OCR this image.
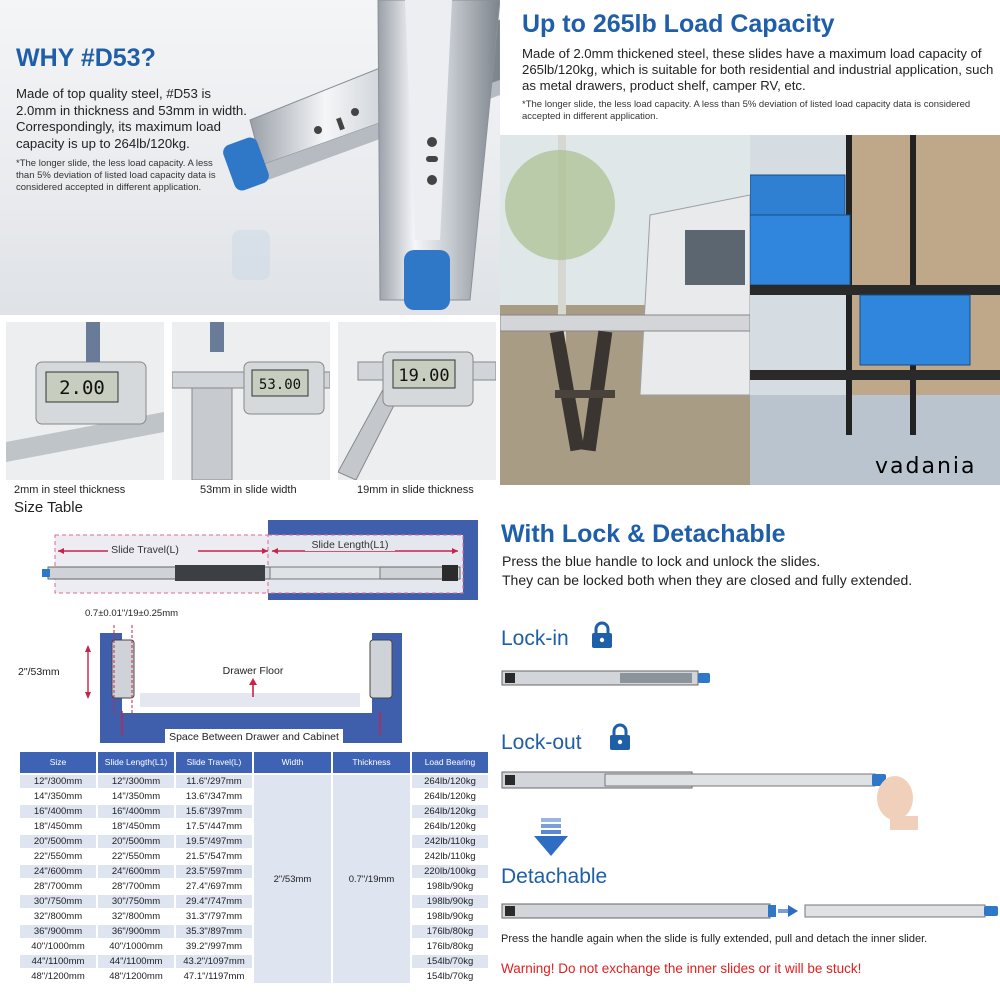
WHY #D53?
Made of top quality steel, #D53 is 2.0mm in thickness and 53mm in width. Correspondingly, its maximum load capacity is up to 264lb/120kg.
*The longer slide, the less load capacity. A less than 5% deviation of listed load capacity data is considered accepted in different application.
Up to 265lb Load Capacity
Made of 2.0mm thickened steel, these slides have a maximum load capacity of 265lb/120kg, which is suitable for both residential and industrial application, such as metal drawers, product shelf, camper RV, etc.
*The longer slide, the less load capacity. A less than 5% deviation of listed load capacity data is considered accepted in different application.
vadania
2.00	53.00	19.00
2mm in steel thickness	53mm in slide width	19mm in slide thickness
Size Table
Slide Travel(L)	Slide Length(L1)
0.7±0.01"/19±0.25mm
2"/53mm	Drawer Floor
Space Between Drawer and Cabinet
Size	Slide Length(L1)	Slide Travel(L)	Width	Thickness	Load Bearing
12"/300mm	12"/300mm	11.6"/297mm	2"/53mm	0.7"/19mm	264lb/120kg
14"/350mm	14"/350mm	13.6"/347mm			264lb/120kg
16"/400mm	16"/400mm	15.6"/397mm			264lb/120kg
18"/450mm	18"/450mm	17.5"/447mm			264lb/120kg
20"/500mm	20"/500mm	19.5"/497mm			242lb/110kg
22"/550mm	22"/550mm	21.5"/547mm			242lb/110kg
24"/600mm	24"/600mm	23.5"/597mm			220lb/100kg
28"/700mm	28"/700mm	27.4"/697mm			198lb/90kg
30"/750mm	30"/750mm	29.4"/747mm			198lb/90kg
32"/800mm	32"/800mm	31.3"/797mm			198lb/90kg
36"/900mm	36"/900mm	35.3"/897mm			176lb/80kg
40"/1000mm	40"/1000mm	39.2"/997mm			176lb/80kg
44"/1100mm	44"/1100mm	43.2"/1097mm			154lb/70kg
48"/1200mm	48"/1200mm	47.1"/1197mm			154lb/70kg
With Lock & Detachable
Press the blue handle to lock and unlock the slides.
They can be locked both when they are closed and fully extended.
Lock-in
Lock-out
Detachable
Press the handle again when the slide is fully extended, pull and detach the inner slider.
Warning! Do not exchange the inner slides or it will be stuck!
